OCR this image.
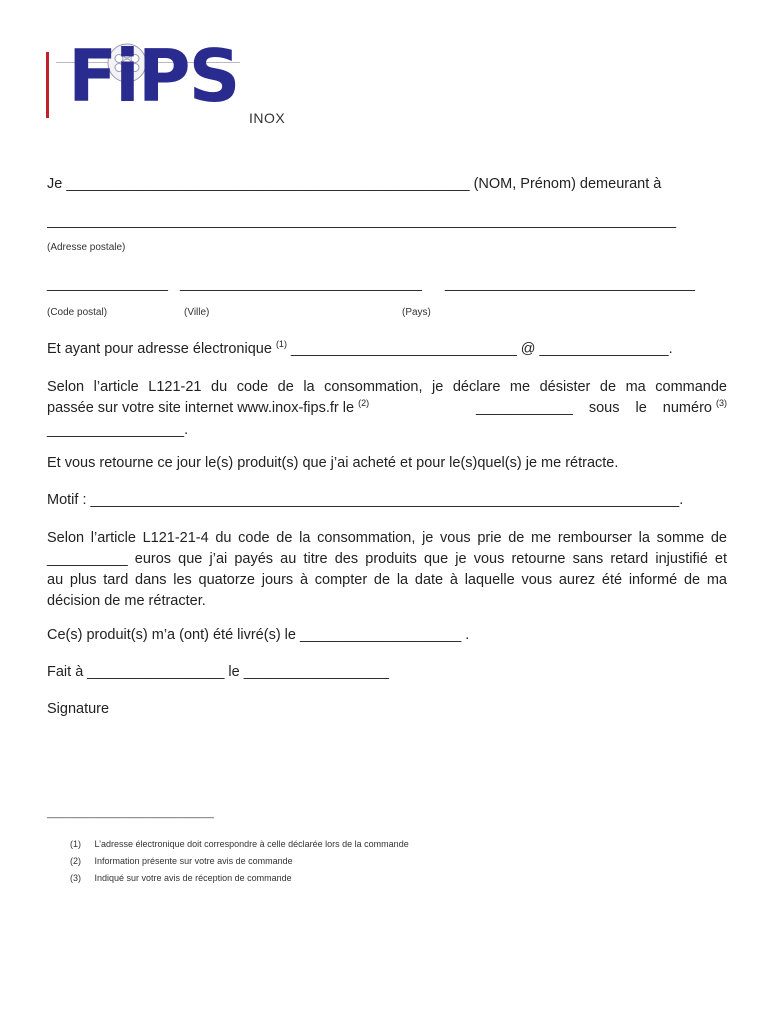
FiPS INOX
Je __________________________________________________ (NOM, Prénom) demeurant à
______________________________________________________________________________
(Adresse postale)
_______________ ______________________________ _______________________________
(Code postal)	(Ville)	(Pays)
Et ayant pour adresse électronique $^{(1)}$ ____________________________ @ ________________.
Selon l’article L121-21 du code de la consommation, je déclare me désister de ma commande
passée sur votre site internet www.inox-fips.fr le $^{(2)}$	____________ sous le numéro $^{(3)}$
_________________.
Et vous retourne ce jour le(s) produit(s) que j’ai acheté et pour le(s)quel(s) je me rétracte.
Motif : _________________________________________________________________________.
Selon l’article L121-21-4 du code de la consommation, je vous prie de me rembourser la somme de
__________ euros que j’ai payés au titre des produits que je vous retourne sans retard injustifié et
au plus tard dans les quatorze jours à compter de la date à laquelle vous aurez été informé de ma
décision de me rétracter.
Ce(s) produit(s) m’a (ont) été livré(s) le ____________________ .
Fait à _________________ le __________________
Signature
______________________________
(1) L’adresse électronique doit correspondre à celle déclarée lors de la commande
(2) Information présente sur votre avis de commande
(3) Indiqué sur votre avis de réception de commande
